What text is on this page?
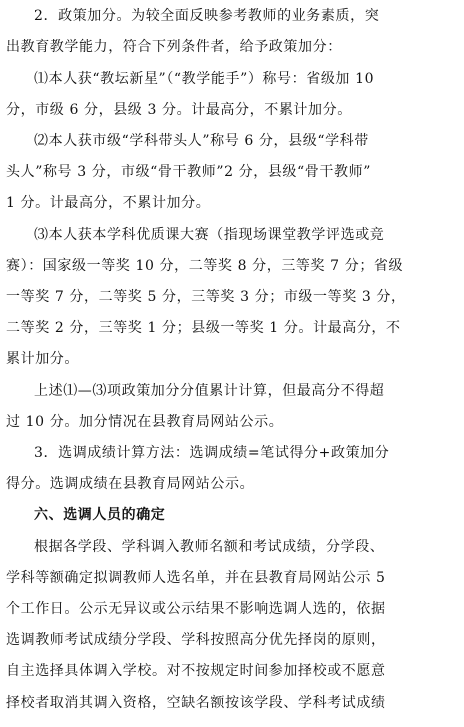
2．政策加分。为较全面反映参考教师的业务素质，突
出教育教学能力，符合下列条件者，给予政策加分：
⑴本人获“教坛新星”（“教学能手”）称号：省级加 10
分，市级 6 分，县级 3 分。计最高分，不累计加分。
⑵本人获市级“学科带头人”称号 6 分，县级“学科带
头人”称号 3 分，市级“骨干教师”2 分，县级“骨干教师”
1 分。计最高分，不累计加分。
⑶本人获本学科优质课大赛（指现场课堂教学评选或竞
赛）：国家级一等奖 10 分，二等奖 8 分，三等奖 7 分；省级
一等奖 7 分，二等奖 5 分，三等奖 3 分；市级一等奖 3 分，
二等奖 2 分，三等奖 1 分；县级一等奖 1 分。计最高分，不
累计加分。
上述⑴—⑶项政策加分分值累计计算，但最高分不得超
过 10 分。加分情况在县教育局网站公示。
3．选调成绩计算方法：选调成绩=笔试得分+政策加分
得分。选调成绩在县教育局网站公示。
六、选调人员的确定
根据各学段、学科调入教师名额和考试成绩，分学段、
学科等额确定拟调教师人选名单，并在县教育局网站公示 5
个工作日。公示无异议或公示结果不影响选调人选的，依据
选调教师考试成绩分学段、学科按照高分优先择岗的原则，
自主选择具体调入学校。对不按规定时间参加择校或不愿意
择校者取消其调入资格，空缺名额按该学段、学科考试成绩
